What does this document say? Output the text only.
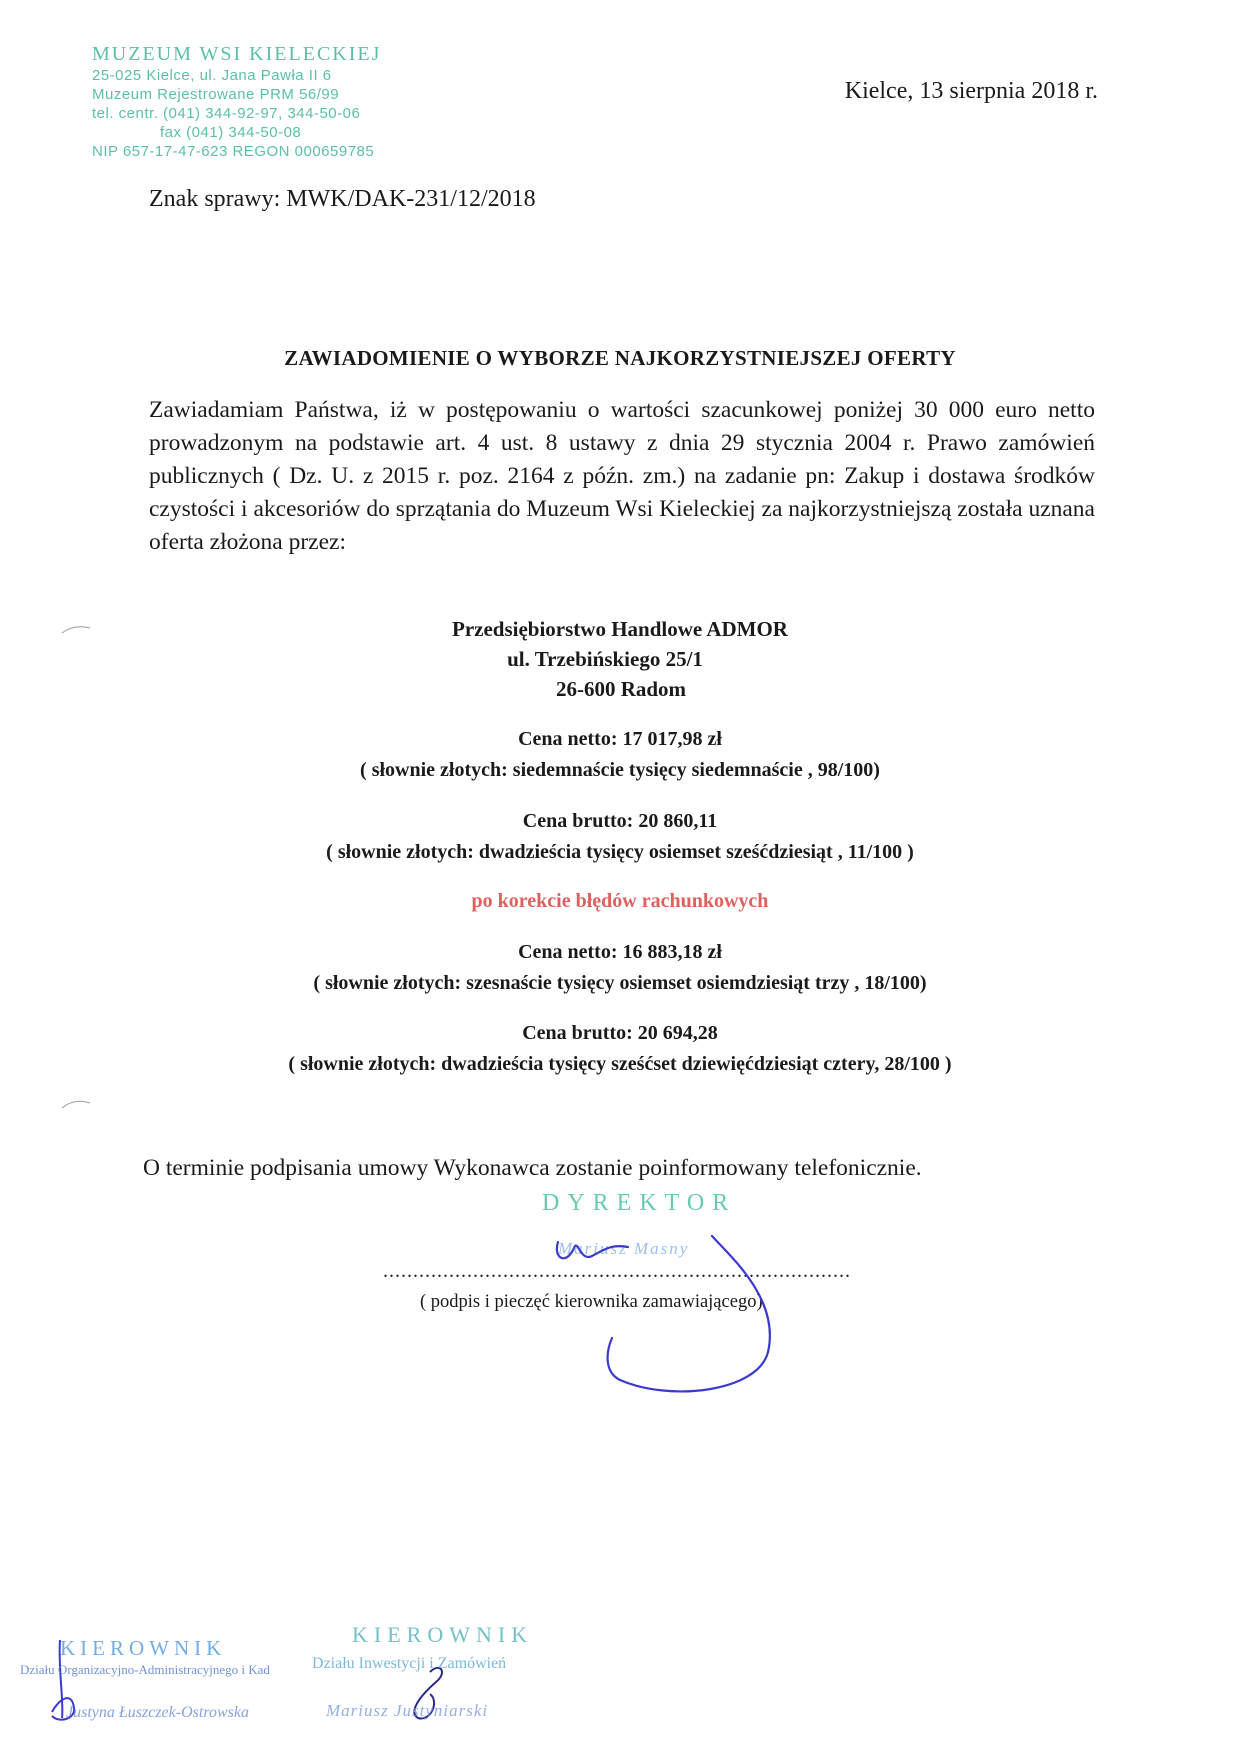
MUZEUM WSI KIELECKIEJ
25-025 Kielce, ul. Jana Pawła II 6
Muzeum Rejestrowane PRM 56/99
tel. centr. (041) 344-92-97, 344-50-06
fax (041) 344-50-08
NIP 657-17-47-623 REGON 000659785
Kielce, 13 sierpnia 2018 r.
Znak sprawy: MWK/DAK-231/12/2018
ZAWIADOMIENIE O WYBORZE NAJKORZYSTNIEJSZEJ OFERTY

Zawiadamiam Państwa, iż w postępowaniu o wartości szacunkowej poniżej 30 000 euro netto prowadzonym na podstawie art. 4 ust. 8 ustawy z dnia 29 stycznia 2004 r. Prawo zamówień publicznych ( Dz. U. z 2015 r. poz. 2164 z późn. zm.) na zadanie pn: Zakup i dostawa środków czystości i akcesoriów do sprzątania do Muzeum Wsi Kieleckiej za najkorzystniejszą została uznana oferta złożona przez:

Przedsiębiorstwo Handlowe ADMOR
ul. Trzebińskiego 25/1
26-600 Radom
Cena netto: 17 017,98 zł
( słownie złotych: siedemnaście tysięcy siedemnaście , 98/100)
Cena brutto: 20 860,11
( słownie złotych: dwadzieścia tysięcy osiemset sześćdziesiąt , 11/100 )
po korekcie błędów rachunkowych
Cena netto: 16 883,18 zł
( słownie złotych: szesnaście tysięcy osiemset osiemdziesiąt trzy , 18/100)
Cena brutto: 20 694,28
( słownie złotych: dwadzieścia tysięcy sześćset dziewięćdziesiąt cztery, 28/100 )
O terminie podpisania umowy Wykonawca zostanie poinformowany telefonicznie.
DYREKTOR
..............................................................................
( podpis i pieczęć kierownika zamawiającego)
Mariusz Masny
KIEROWNIK
Działu Organizacyjno-Administracyjnego i Kad
Justyna Łuszczek-Ostrowska
KIEROWNIK
Działu Inwestycji i Zamówień
Mariusz Justyniarski
